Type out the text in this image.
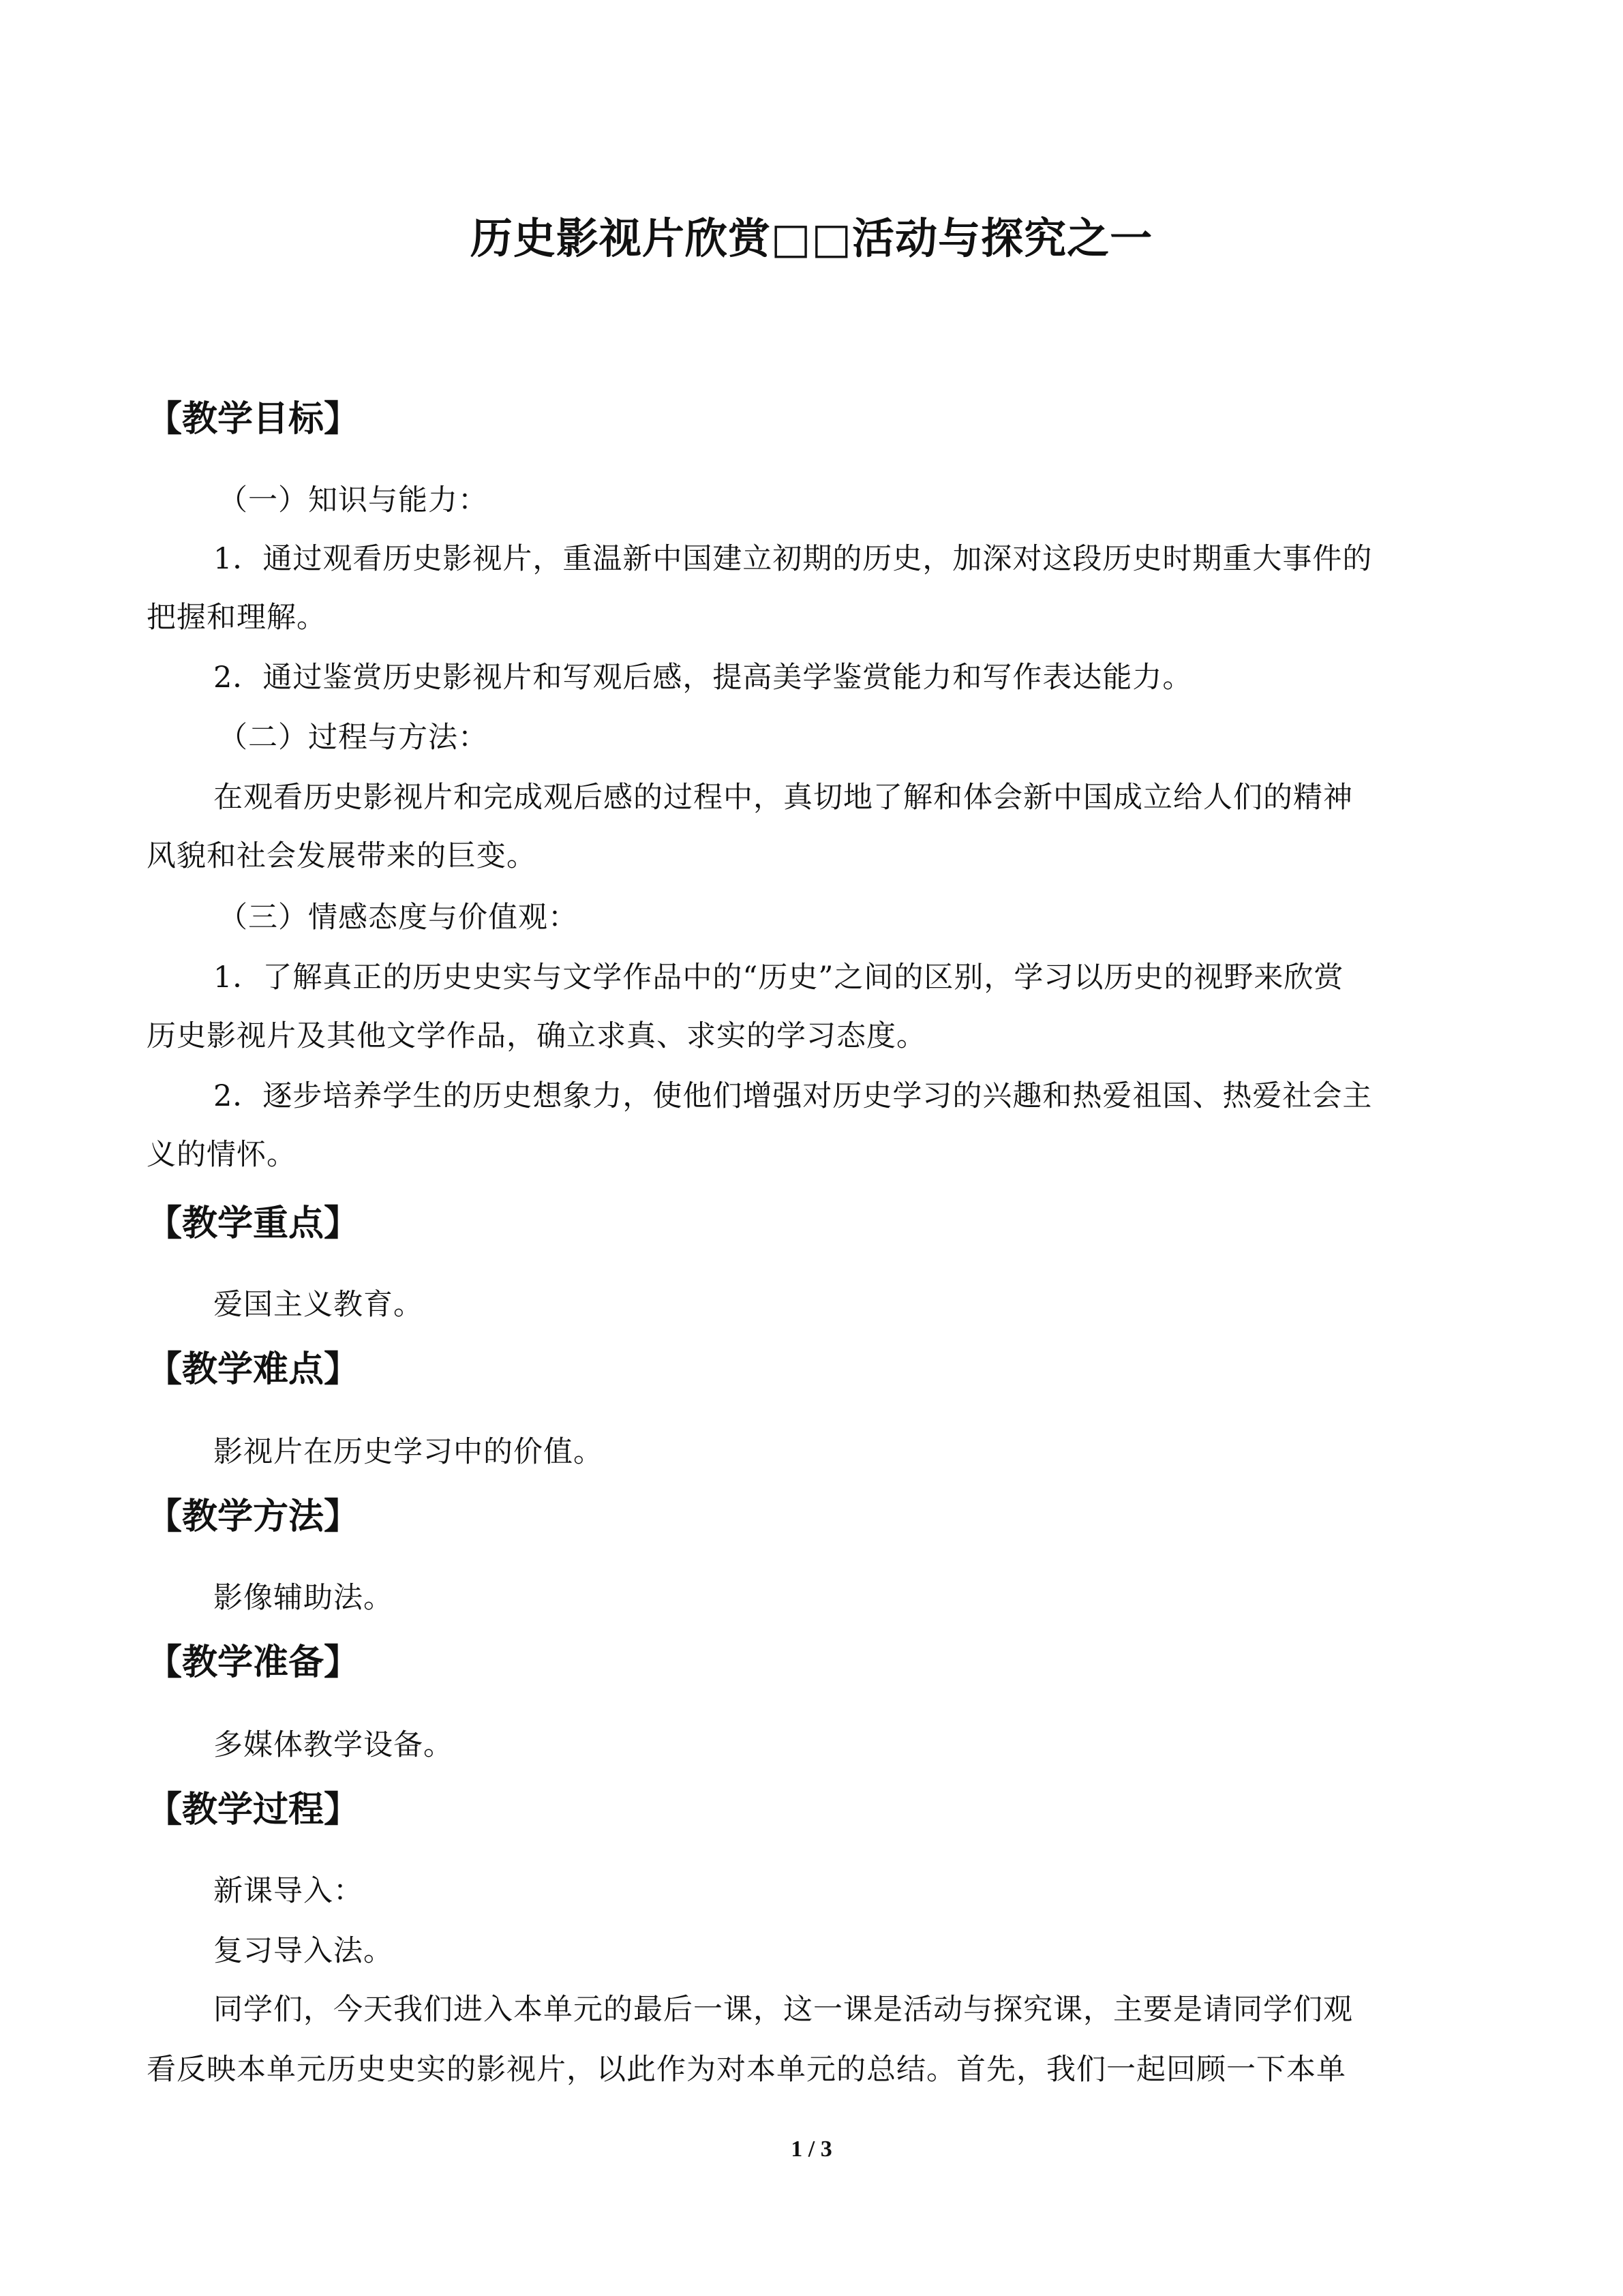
历史影视片欣赏□□活动与探究之一
【教学目标】
（一）知识与能力：
1．通过观看历史影视片，重温新中国建立初期的历史，加深对这段历史时期重大事件的
把握和理解。
2．通过鉴赏历史影视片和写观后感，提高美学鉴赏能力和写作表达能力。
（二）过程与方法：
在观看历史影视片和完成观后感的过程中，真切地了解和体会新中国成立给人们的精神
风貌和社会发展带来的巨变。
（三）情感态度与价值观：
1．了解真正的历史史实与文学作品中的“历史”之间的区别，学习以历史的视野来欣赏
历史影视片及其他文学作品，确立求真、求实的学习态度。
2．逐步培养学生的历史想象力，使他们增强对历史学习的兴趣和热爱祖国、热爱社会主
义的情怀。
【教学重点】
爱国主义教育。
【教学难点】
影视片在历史学习中的价值。
【教学方法】
影像辅助法。
【教学准备】
多媒体教学设备。
【教学过程】
新课导入：
复习导入法。
同学们，今天我们进入本单元的最后一课，这一课是活动与探究课，主要是请同学们观
看反映本单元历史史实的影视片，以此作为对本单元的总结。首先，我们一起回顾一下本单
1 / 3
